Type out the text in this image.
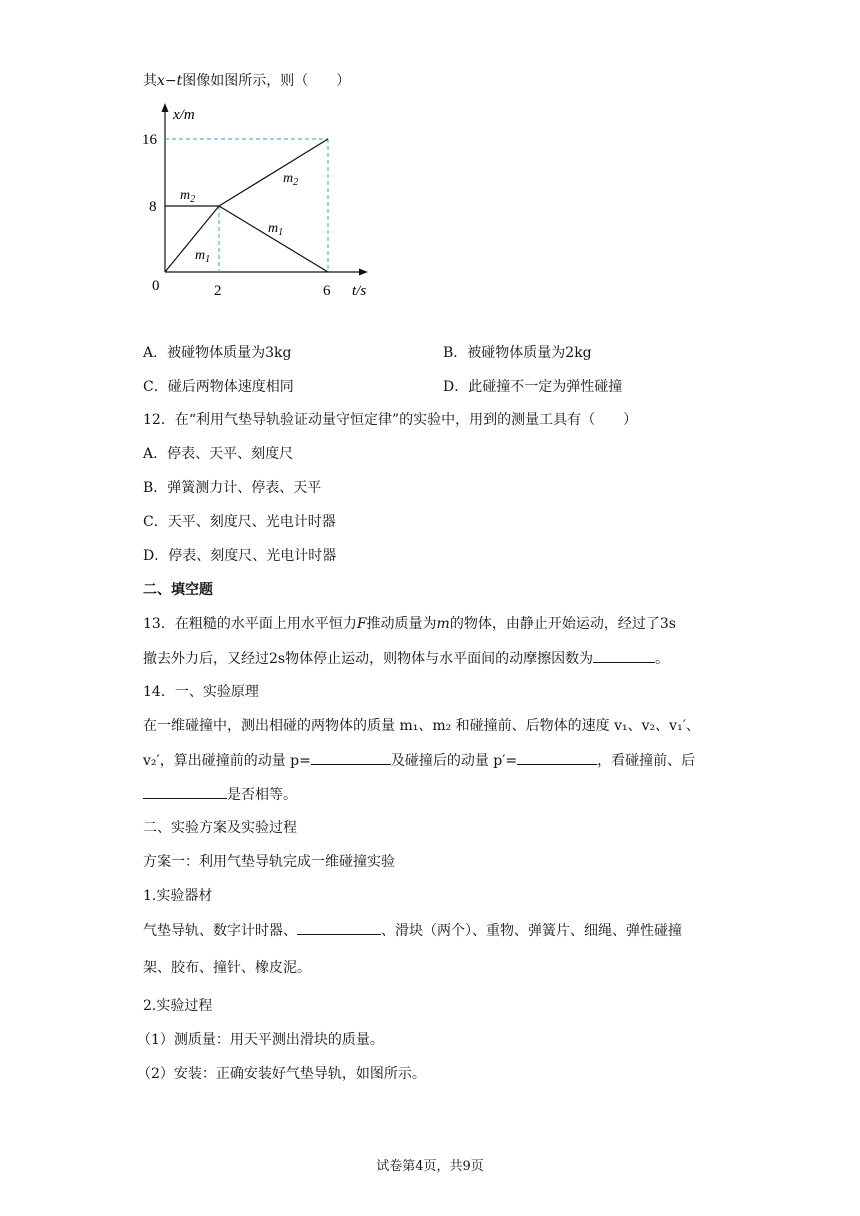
其x−t图像如图所示，则（　　）
x/m
t/s
0	2	6
8
16
$m_2$
$m_1$
$m_2$
$m_1$
A．被碰物体质量为3kg	B．被碰物体质量为2kg
C．碰后两物体速度相同	D．此碰撞不一定为弹性碰撞
12．在“利用气垫导轨验证动量守恒定律”的实验中，用到的测量工具有（　　）
A．停表、天平、刻度尺
B．弹簧测力计、停表、天平
C．天平、刻度尺、光电计时器
D．停表、刻度尺、光电计时器
二、填空题
13．在粗糙的水平面上用水平恒力F推动质量为m的物体，由静止开始运动，经过了3s
撤去外力后，又经过2s物体停止运动，则物体与水平面间的动摩擦因数为	。
14．一、实验原理
在一维碰撞中，测出相碰的两物体的质量 m₁、m₂ 和碰撞前、后物体的速度 v₁、v₂、v₁′、
v₂′，算出碰撞前的动量 p=	及碰撞后的动量 p′=	，看碰撞前、后
是否相等。
二、实验方案及实验过程
方案一：利用气垫导轨完成一维碰撞实验
1.实验器材
气垫导轨、数字计时器、	、滑块（两个）、重物、弹簧片、细绳、弹性碰撞
架、胶布、撞针、橡皮泥。
2.实验过程
（1）测质量：用天平测出滑块的质量。
（2）安装：正确安装好气垫导轨，如图所示。
试卷第4页，共9页
